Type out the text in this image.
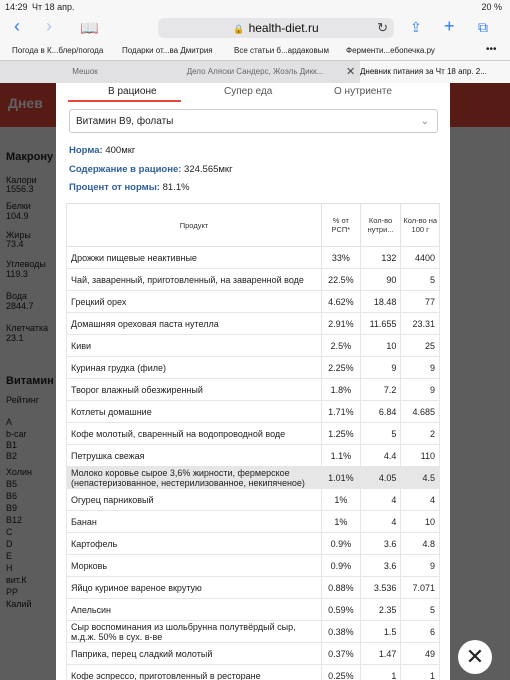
14:29 Чт 18 апр.	20 %
‹ › 📖	🔒 health-diet.ru	↻ ⇪ + ⧉
Погода в К...блер/погода Подарки от...ва Дмитрия	Все статьи б...ардаковым Ферменти...ебопечка.ру	•••
Мешок	Дело Аляски Сандерс, Жоэль Дикк...	✕ Дневник питания за Чт 18 апр. 2...
В рационе	Супер еда	О нутриенте
Витамин B9, фолаты	⌄
Норма: 400мкг
Содержание в рационе: 324.565мкг
Процент от нормы: 81.1%
Продукт	% от РСП*	Кол-во нутри...	Кол-во на 100 г
Дрожжи пищевые неактивные	33%	132	4400
Чай, заваренный, приготовленный, на заваренной воде	22.5%	90	5
Грецкий орех	4.62%	18.48	77
Домашняя ореховая паста нутелла	2.91%	11.655	23.31
Киви	2.5%	10	25
Куриная грудка (филе)	2.25%	9	9
Творог влажный обезжиренный	1.8%	7.2	9
Котлеты домашние	1.71%	6.84	4.685
Кофе молотый, сваренный на водопроводной воде	1.25%	5	2
Петрушка свежая	1.1%	4.4	110
Молоко коровье сырое 3,6% жирности, фермерское (непастеризованное, нестерилизованное, некипяченое)	1.01%	4.05	4.5
Огурец парниковый	1%	4	4
Банан	1%	4	10
Картофель	0.9%	3.6	4.8
Морковь	0.9%	3.6	9
Яйцо куриное вареное вкрутую	0.88%	3.536	7.071
Апельсин	0.59%	2.35	5
Сыр воспоминания из шольбрунна полутвёрдый сыр, м.д.ж. 50% в сух. в-ве	0.38%	1.5	6
Паприка, перец сладкий молотый	0.37%	1.47	49
Кофе эспрессо, приготовленный в ресторане	0.25%	1	1
✕
